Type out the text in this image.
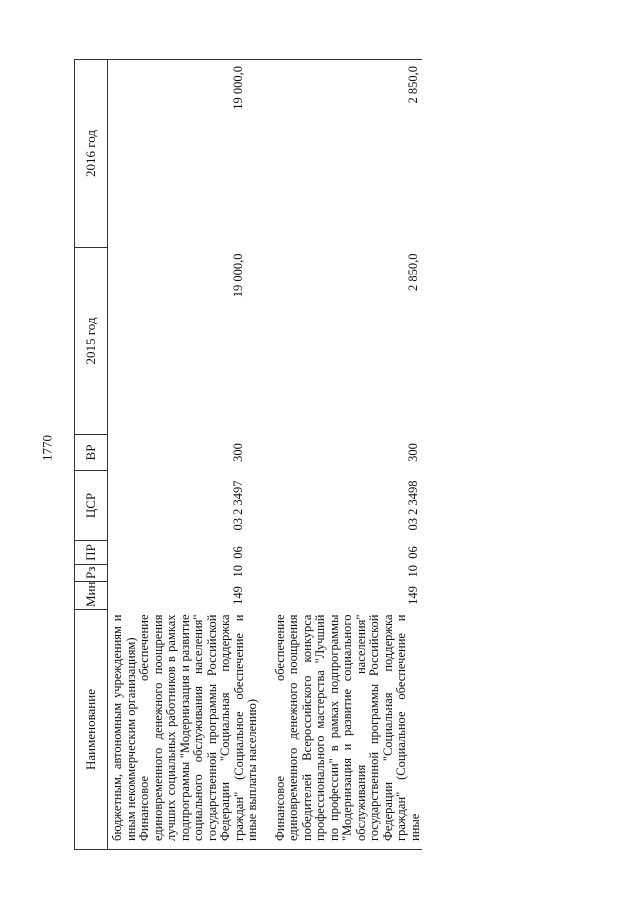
1770
Наименование	Мин	Рз	ПР	ЦСР	ВР	2015 год	2016 год
бюджетным, автономным учреждениям и иным некоммерческим организациям)							
Финансовое обеспечение единовременного денежного поощрения лучших социальных работников в рамках подпрограммы "Модернизация и развитие социального обслуживания населения" государственной программы Российской Федерации "Социальная поддержка граждан" (Социальное обеспечение и иные выплаты населению)	149	10	06	03 2 3497	300	19 000,0	19 000,0
Финансовое обеспечение единовременного денежного поощрения победителей Всероссийского конкурса профессионального мастерства "Лучший по профессии" в рамках подпрограммы "Модернизация и развитие социального обслуживания населения" государственной программы Российской Федерации "Социальная поддержка граждан" (Социальное обеспечение и иные	149	10	06	03 2 3498	300	2 850,0	2 850,0
